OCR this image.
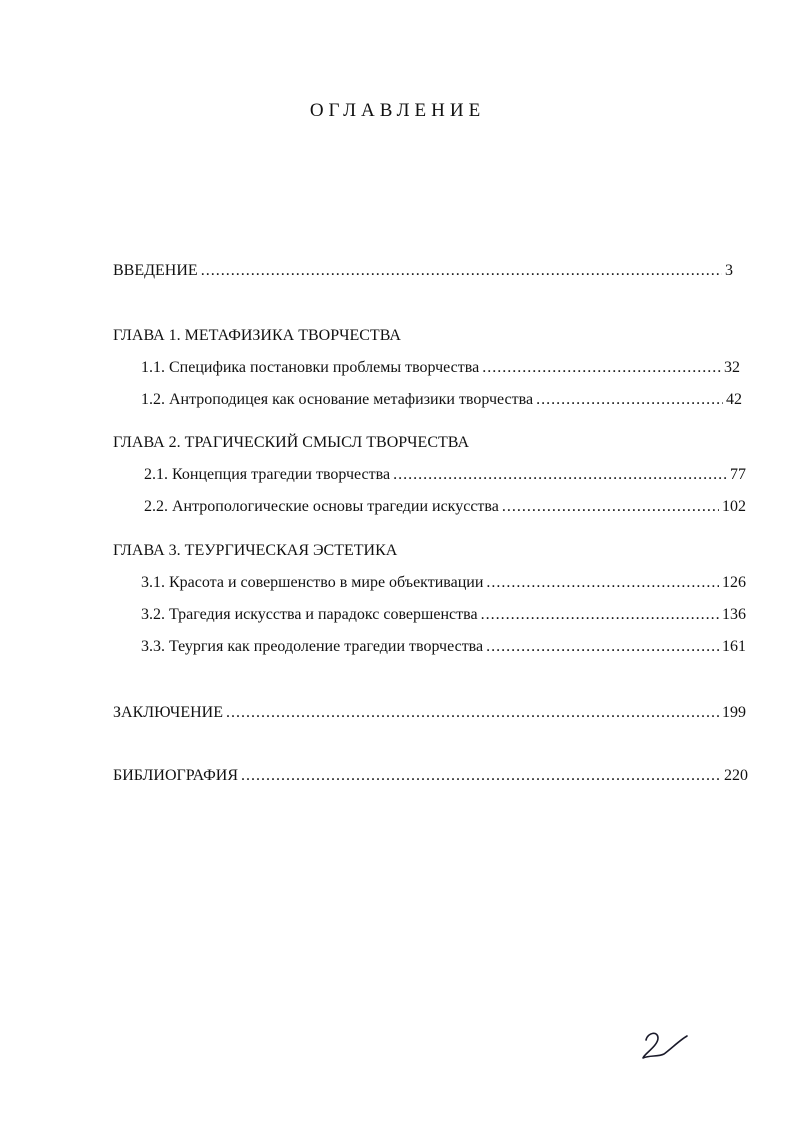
ОГЛАВЛЕНИЕ
ВВЕДЕНИЕ .....	3
ГЛАВА 1. МЕТАФИЗИКА ТВОРЧЕСТВА
1.1. Специфика постановки проблемы творчества .....	32
1.2. Антроподицея как основание метафизики творчества .....	42
ГЛАВА 2. ТРАГИЧЕСКИЙ СМЫСЛ ТВОРЧЕСТВА
2.1. Концепция трагедии творчества .....	77
2.2. Антропологические основы трагедии искусства .....	102
ГЛАВА 3. ТЕУРГИЧЕСКАЯ ЭСТЕТИКА
3.1. Красота и совершенство в мире объективации .....	126
3.2. Трагедия искусства и парадокс совершенства .....	136
3.3. Теургия как преодоление трагедии творчества .....	161
ЗАКЛЮЧЕНИЕ .....	199
БИБЛИОГРАФИЯ .....	220
